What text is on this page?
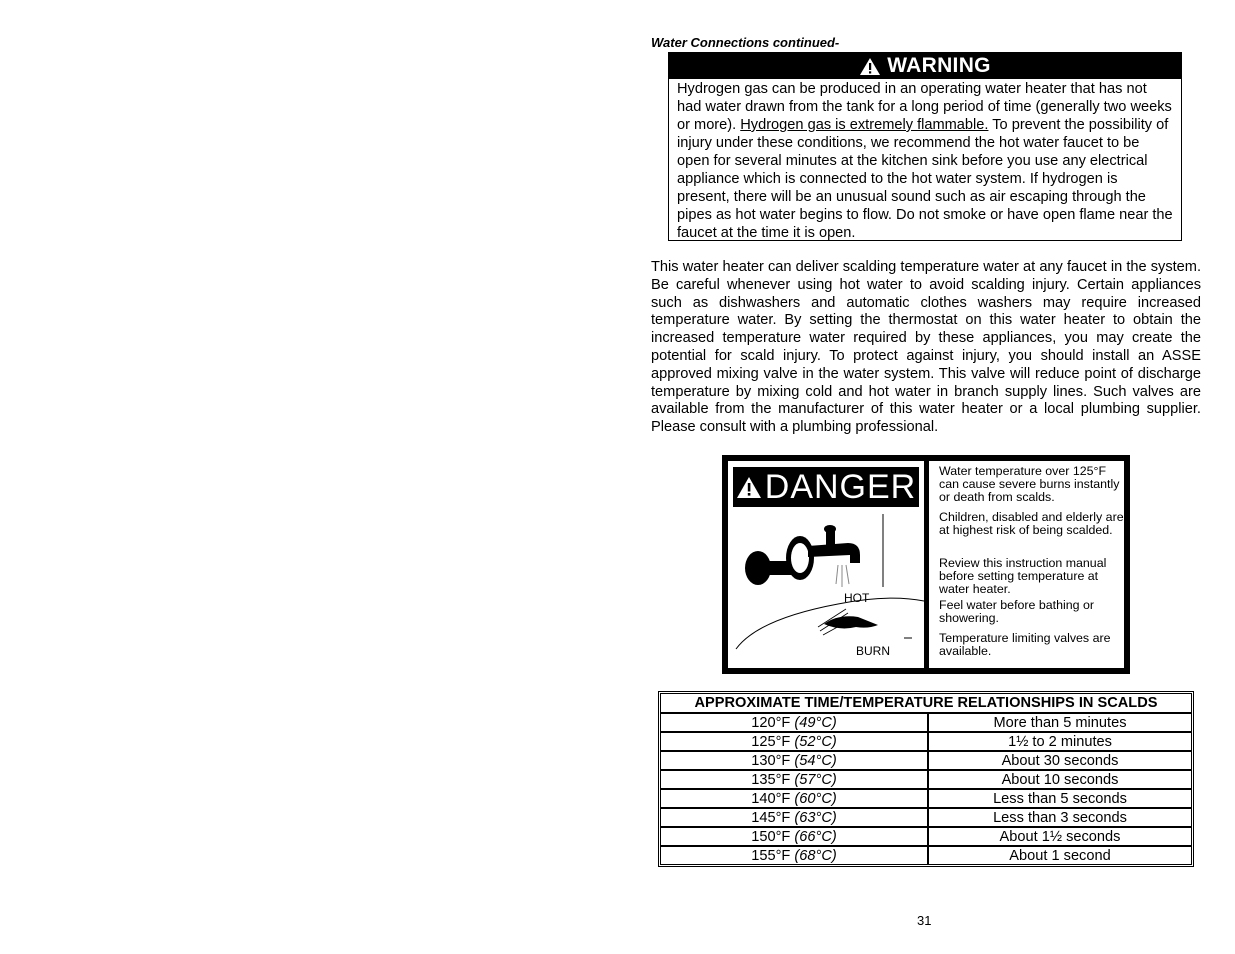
Water Connections continued-
WARNING
Hydrogen gas can be produced in an operating water heater that has not had water drawn from the tank for a long period of time (generally two weeks or more). Hydrogen gas is extremely flammable. To prevent the possibility of injury under these conditions, we recommend the hot water faucet to be open for several minutes at the kitchen sink before you use any electrical appliance which is connected to the hot water system. If hydrogen is present, there will be an unusual sound such as air escaping through the pipes as hot water begins to flow. Do not smoke or have open flame near the faucet at the time it is open.
This water heater can deliver scalding temperature water at any faucet in the system. Be careful whenever using hot water to avoid scalding injury. Certain appliances such as dishwashers and automatic clothes washers may require increased temperature water. By setting the thermostat on this water heater to obtain the increased temperature water required by these appliances, you may create the potential for scald injury. To protect against injury, you should install an ASSE approved mixing valve in the water system. This valve will reduce point of discharge temperature by mixing cold and hot water in branch supply lines. Such valves are available from the manufacturer of this water heater or a local plumbing supplier. Please consult with a plumbing professional.
DANGER
HOT
BURN
Water temperature over 125°F can cause severe burns instantly or death from scalds.
Children, disabled and elderly are at highest risk of being scalded.
Review this instruction manual before setting temperature at water heater.
Feel water before bathing or showering.
Temperature limiting valves are available.
APPROXIMATE TIME/TEMPERATURE RELATIONSHIPS IN SCALDS	
120°F (49°C)	More than 5 minutes
125°F (52°C)	1½ to 2 minutes
130°F (54°C)	About 30 seconds
135°F (57°C)	About 10 seconds
140°F (60°C)	Less than 5 seconds
145°F (63°C)	Less than 3 seconds
150°F (66°C)	About 1½ seconds
155°F (68°C)	About 1 second
31
